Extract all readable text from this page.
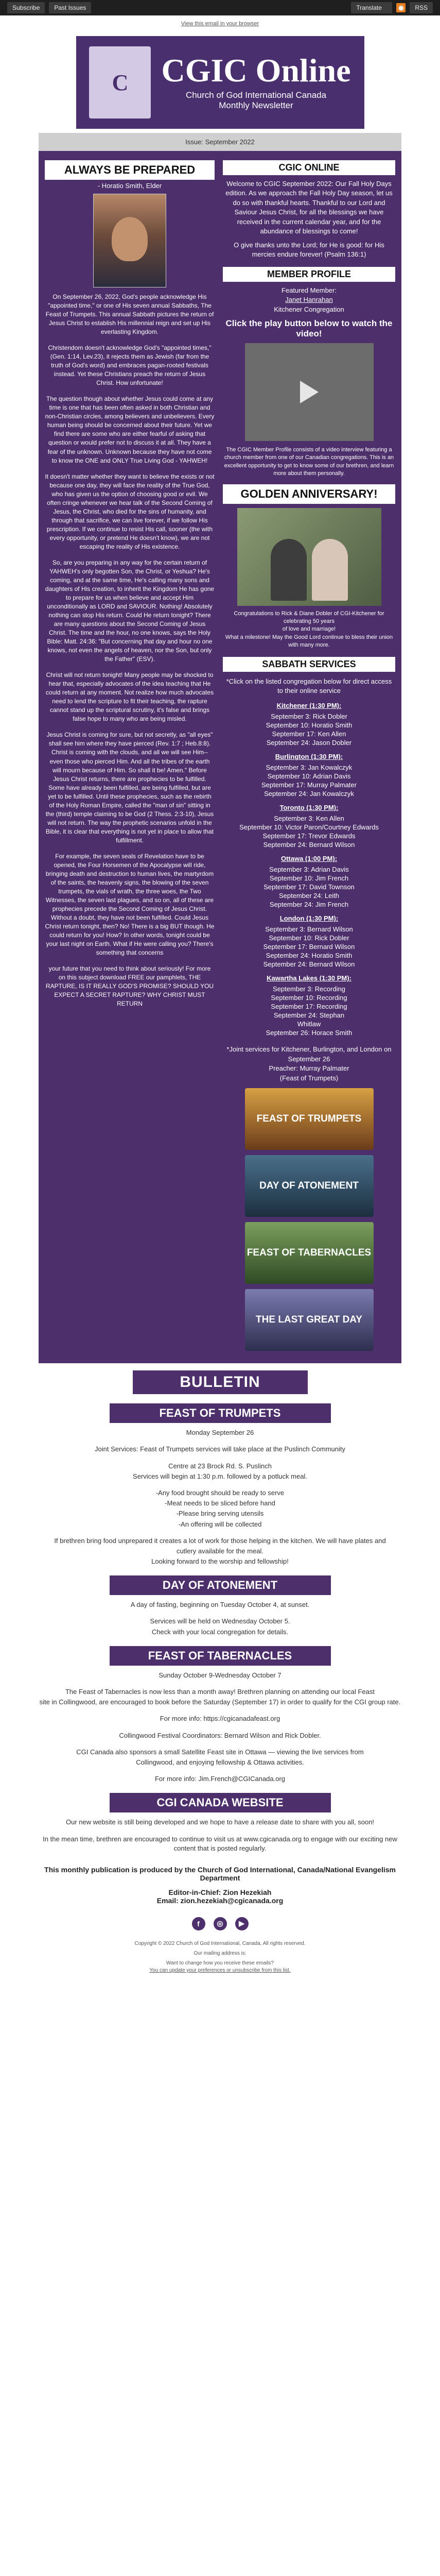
Subscribe	Past Issues	Translate	◉	RSS
View this email in your browser
C	CGIC Online
Church of God International Canada
Monthly Newsletter
Issue: September 2022
ALWAYS BE PREPARED
- Horatio Smith, Elder

On September 26, 2022, God's people acknowledge His "appointed time," or one of His seven annual Sabbaths, The Feast of Trumpets. This annual Sabbath pictures the return of Jesus Christ to establish His millennial reign and set up His everlasting Kingdom.

Christendom doesn't acknowledge God's "appointed times," (Gen. 1:14, Lev.23), it rejects them as Jewish (far from the truth of God's word) and embraces pagan-rooted festivals instead. Yet these Christians preach the return of Jesus Christ. How unfortunate!

The question though about whether Jesus could come at any time is one that has been often asked in both Christian and non-Christian circles, among believers and unbelievers. Every human being should be concerned about their future. Yet we find there are some who are either fearful of asking that question or would prefer not to discuss it at all. They have a fear of the unknown. Unknown because they have not come to know the ONE and ONLY True Living God - YAHWEH!

It doesn't matter whether they want to believe the exists or not because one day, they will face the reality of the True God, who has given us the option of choosing good or evil. We often cringe whenever we hear talk of the Second Coming of Jesus, the Christ, who died for the sins of humanity, and through that sacrifice, we can live forever, if we follow His prescription. If we continue to resist His call, sooner (the with every opportunity, or pretend He doesn't know), we are not escaping the reality of His existence.

So, are you preparing in any way for the certain return of YAHWEH's only begotten Son, the Christ, or Yeshua? He's coming, and at the same time, He's calling many sons and daughters of His creation, to inherit the Kingdom He has gone to prepare for us when believe and accept Him unconditionally as LORD and SAVIOUR. Nothing! Absolutely nothing can stop His return. Could He return tonight? There are many questions about the Second Coming of Jesus Christ. The time and the hour, no one knows, says the Holy Bible: Matt. 24:36: "But concerning that day and hour no one knows, not even the angels of heaven, nor the Son, but only the Father" (ESV).

Christ will not return tonight! Many people may be shocked to hear that, especially advocates of the idea teaching that He could return at any moment. Not realize how much advocates need to lend the scripture to fit their teaching, the rapture cannot stand up the scriptural scrutiny, it's false and brings false hope to many who are being misled.

Jesus Christ is coming for sure, but not secretly, as "all eyes" shall see him where they have pierced (Rev. 1:7 ; Heb.8:8). Christ is coming with the clouds, and all we will see Him--even those who pierced Him. And all the tribes of the earth will mourn because of Him. So shall it be! Amen." Before Jesus Christ returns, there are prophecies to be fulfilled. Some have already been fulfilled, are being fulfilled, but are yet to be fulfilled. Until these prophecies, such as the rebirth of the Holy Roman Empire, called the "man of sin" sitting in the (third) temple claiming to be God (2 Thess. 2:3-10), Jesus will not return. The way the prophetic scenarios unfold in the Bible, it is clear that everything is not yet in place to allow that fulfillment.

For example, the seven seals of Revelation have to be opened, the Four Horsemen of the Apocalypse will ride, bringing death and destruction to human lives, the martyrdom of the saints, the heavenly signs, the blowing of the seven trumpets, the vials of wrath, the three woes, the Two Witnesses, the seven last plagues, and so on, all of these are prophecies precede the Second Coming of Jesus Christ. Without a doubt, they have not been fulfilled. Could Jesus Christ return tonight, then? No! There is a big BUT though. He could return for you! How? In other words, tonight could be your last night on Earth. What if He were calling you? There's something that concerns

your future that you need to think about seriously! For more on this subject download FREE our pamphlets, THE RAPTURE, IS IT REALLY GOD'S PROMISE? SHOULD YOU EXPECT A SECRET RAPTURE? WHY CHRIST MUST RETURN

CGIC ONLINE

Welcome to CGIC September 2022: Our Fall Holy Days edition. As we approach the Fall Holy Day season, let us do so with thankful hearts. Thankful to our Lord and Saviour Jesus Christ, for all the blessings we have received in the current calendar year, and for the abundance of blessings to come!

O give thanks unto the Lord; for He is good: for His mercies endure forever! (Psalm 136:1)

MEMBER PROFILE

Featured Member:

Janet Hanrahan

Kitchener Congregation

Click the play button below to watch the video!

The CGIC Member Profile consists of a video interview featuring a church member from one of our Canadian congregations. This is an excellent opportunity to get to know some of our brethren, and learn more about them personally.

GOLDEN ANNIVERSARY!

Congratulations to Rick & Diane Dobler of CGI-Kitchener for celebrating 50 years

of love and marriage!

What a milestone! May the Good Lord continue to bless their union with many more.

SABBATH SERVICES

*Click on the listed congregation below for direct access to their online service

Kitchener (1:30 PM):
September 3: Rick Dobler
September 10: Horatio Smith
September 17: Ken Allen
September 24: Jason Dobler
Burlington (1:30 PM):
September 3: Jan Kowalczyk
September 10: Adrian Davis
September 17: Murray Palmater
September 24: Jan Kowalczyk
Toronto (1:30 PM):
September 3: Ken Allen
September 10: Victor Paron/Courtney Edwards
September 17: Trevor Edwards
September 24: Bernard Wilson
Ottawa (1:00 PM):
September 3: Adrian Davis
September 10: Jim French
September 17: David Townson
September 24: Leith
September 24: Jim French
London (1:30 PM):
September 3: Bernard Wilson
September 10: Rick Dobler
September 17: Bernard Wilson
September 24: Horatio Smith
September 24: Bernard Wilson
Kawartha Lakes (1:30 PM):
September 3: Recording
September 10: Recording
September 17: Recording
September 24: Stephan
Whitlaw
September 26: Horace Smith

*Joint services for Kitchener, Burlington, and London on September 26

Preacher: Murray Palmater

(Feast of Trumpets)

FEAST OF TRUMPETS
DAY OF ATONEMENT
FEAST OF TABERNACLES
THE LAST GREAT DAY
BULLETIN
FEAST OF TRUMPETS
Monday September 26
Joint Services: Feast of Trumpets services will take place at the Puslinch Community
Centre at 23 Brock Rd. S. Puslinch
Services will begin at 1:30 p.m. followed by a potluck meal.
-Any food brought should be ready to serve
-Meat needs to be sliced before hand
-Please bring serving utensils
-An offering will be collected
If brethren bring food unprepared it creates a lot of work for those helping in the kitchen. We will have plates and
cutlery available for the meal.
Looking forward to the worship and fellowship!
DAY OF ATONEMENT
A day of fasting, beginning on Tuesday October 4, at sunset.
Services will be held on Wednesday October 5.
Check with your local congregation for details.
FEAST OF TABERNACLES
Sunday October 9-Wednesday October 7
The Feast of Tabernacles is now less than a month away! Brethren planning on attending our local Feast
site in Collingwood, are encouraged to book before the Saturday (September 17) in order to qualify for the CGI group rate.
For more info: https://cgicanadafeast.org
Collingwood Festival Coordinators: Bernard Wilson and Rick Dobler.
CGI Canada also sponsors a small Satellite Feast site in Ottawa — viewing the live services from
Collingwood, and enjoying fellowship & Ottawa activities.
For more info: Jim.French@CGICanada.org
CGI CANADA WEBSITE
Our new website is still being developed and we hope to have a release date to share with you all, soon!
In the mean time, brethren are encouraged to continue to visit us at www.cgicanada.org to engage with our exciting new content that is posted regularly.
This monthly publication is produced by the Church of God International, Canada/National Evangelism Department
Editor-in-Chief: Zion Hezekiah
Email: zion.hezekiah@cgicanada.org
f	◎	▶
Copyright © 2022 Church of God International, Canada, All rights reserved.
Our mailing address is:
Want to change how you receive these emails?
You can update your preferences or unsubscribe from this list.
